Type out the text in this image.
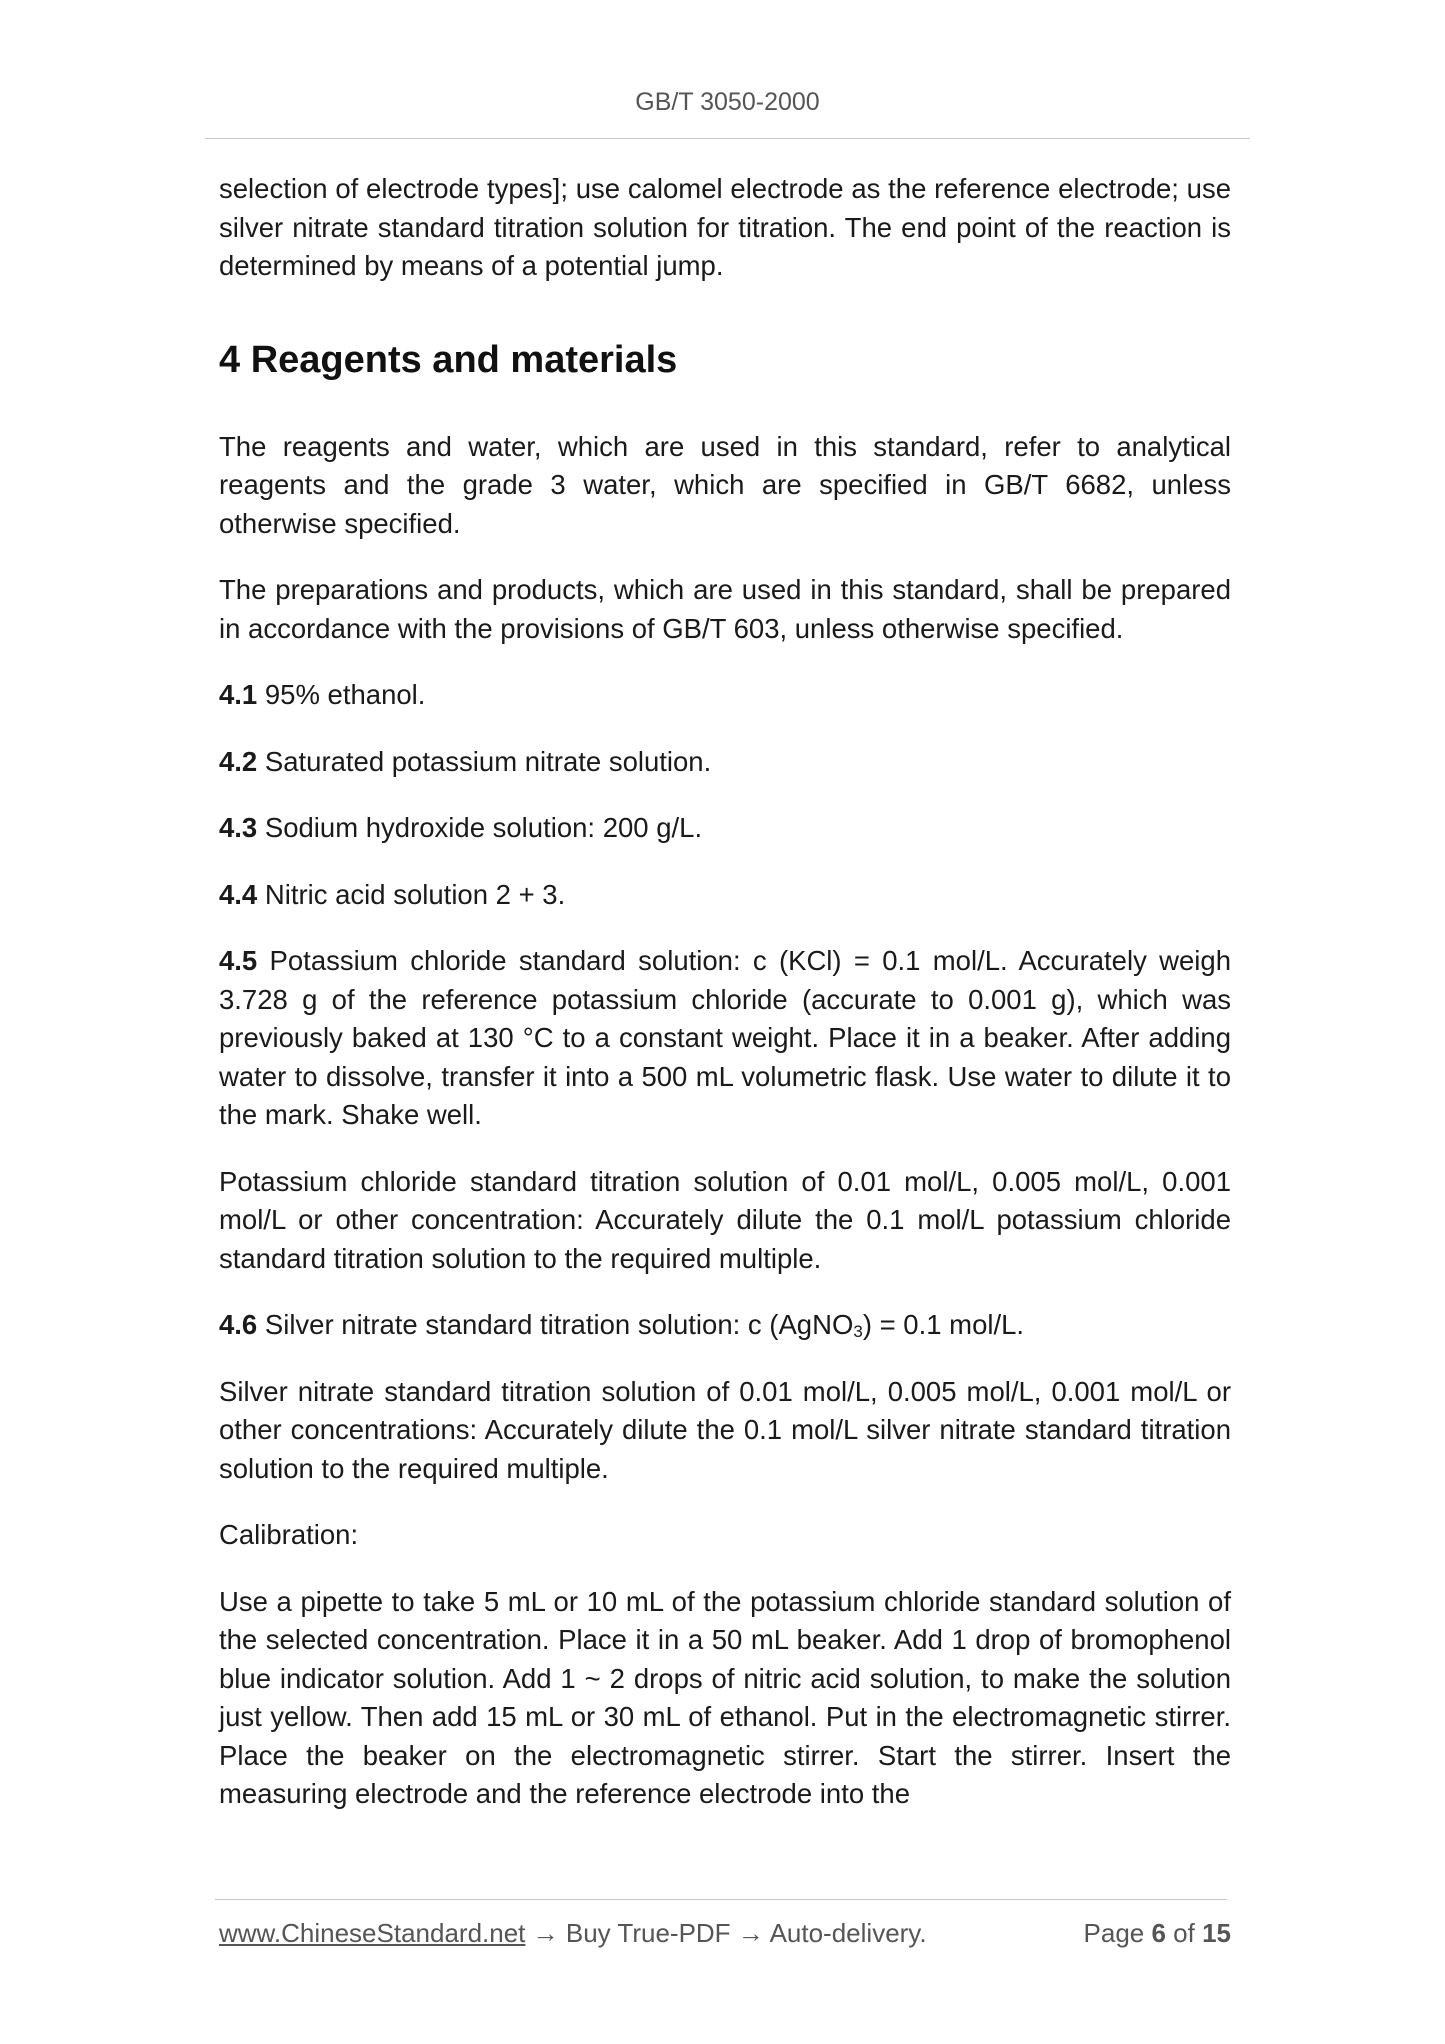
GB/T 3050-2000

selection of electrode types]; use calomel electrode as the reference electrode; use silver nitrate standard titration solution for titration. The end point of the reaction is determined by means of a potential jump.

4 Reagents and materials

The reagents and water, which are used in this standard, refer to analytical reagents and the grade 3 water, which are specified in GB/T 6682, unless otherwise specified.

The preparations and products, which are used in this standard, shall be prepared in accordance with the provisions of GB/T 603, unless otherwise specified.

4.1 95% ethanol.

4.2 Saturated potassium nitrate solution.

4.3 Sodium hydroxide solution: 200 g/L.

4.4 Nitric acid solution 2 + 3.

4.5 Potassium chloride standard solution: c (KCl) = 0.1 mol/L. Accurately weigh 3.728 g of the reference potassium chloride (accurate to 0.001 g), which was previously baked at 130 °C to a constant weight. Place it in a beaker. After adding water to dissolve, transfer it into a 500 mL volumetric flask. Use water to dilute it to the mark. Shake well.

Potassium chloride standard titration solution of 0.01 mol/L, 0.005 mol/L, 0.001 mol/L or other concentration: Accurately dilute the 0.1 mol/L potassium chloride standard titration solution to the required multiple.

4.6 Silver nitrate standard titration solution: c (AgNO$_3$) = 0.1 mol/L.

Silver nitrate standard titration solution of 0.01 mol/L, 0.005 mol/L, 0.001 mol/L or other concentrations: Accurately dilute the 0.1 mol/L silver nitrate standard titration solution to the required multiple.

Calibration:

Use a pipette to take 5 mL or 10 mL of the potassium chloride standard solution of the selected concentration. Place it in a 50 mL beaker. Add 1 drop of bromophenol blue indicator solution. Add 1 ~ 2 drops of nitric acid solution, to make the solution just yellow. Then add 15 mL or 30 mL of ethanol. Put in the electromagnetic stirrer. Place the beaker on the electromagnetic stirrer. Start the stirrer. Insert the measuring electrode and the reference electrode into the

www.ChineseStandard.net → Buy True-PDF → Auto-delivery.	Page 6 of 15
